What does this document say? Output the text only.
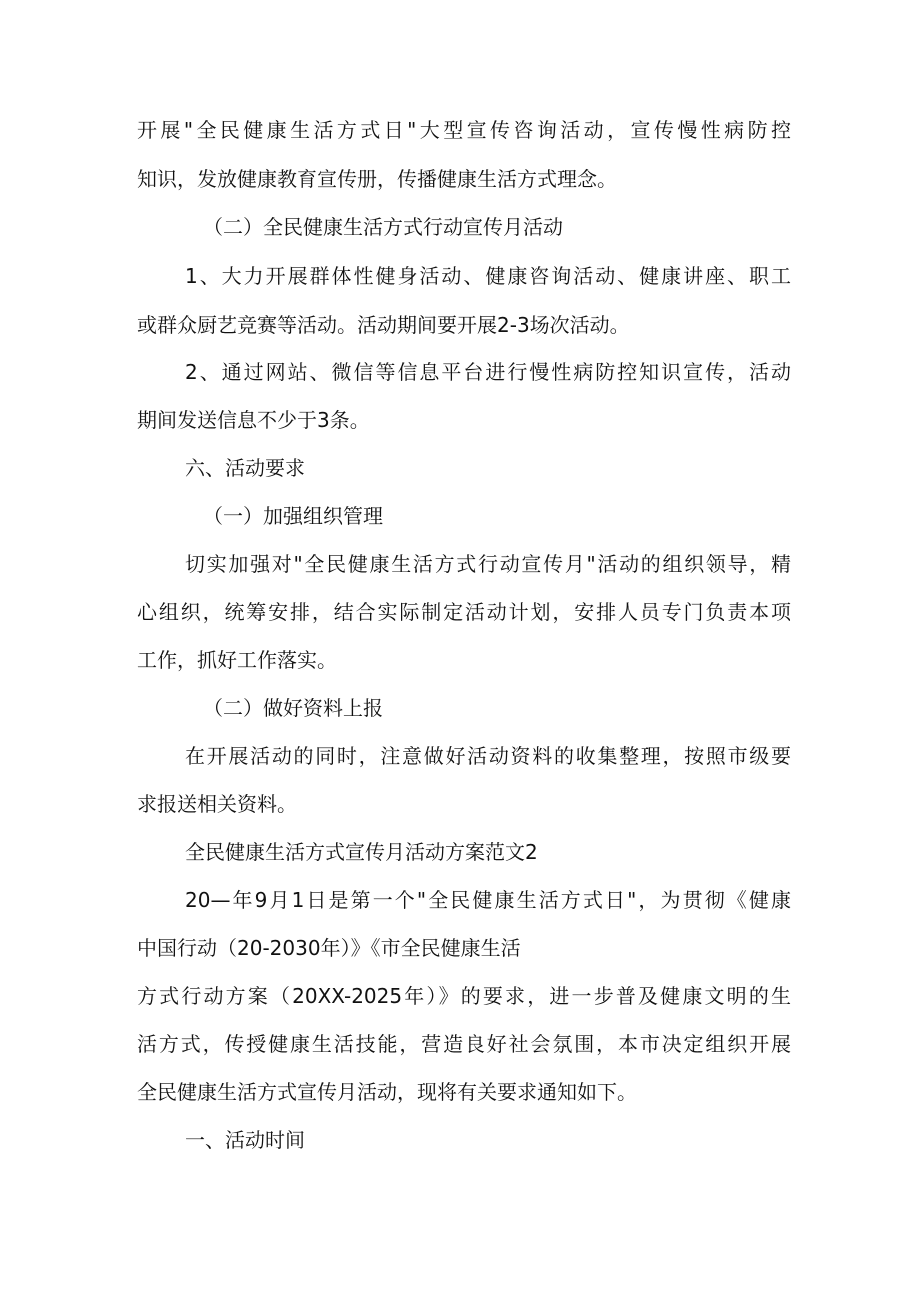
开展"全民健康生活方式日"大型宣传咨询活动，宣传慢性病防控
知识，发放健康教育宣传册，传播健康生活方式理念。
（二）全民健康生活方式行动宣传月活动
1、大力开展群体性健身活动、健康咨询活动、健康讲座、职工
或群众厨艺竞赛等活动。活动期间要开展2-3场次活动。
2、通过网站、微信等信息平台进行慢性病防控知识宣传，活动
期间发送信息不少于3条。
六、活动要求
（一）加强组织管理
切实加强对"全民健康生活方式行动宣传月"活动的组织领导，精
心组织，统筹安排，结合实际制定活动计划，安排人员专门负责本项
工作，抓好工作落实。
（二）做好资料上报
在开展活动的同时，注意做好活动资料的收集整理，按照市级要
求报送相关资料。
全民健康生活方式宣传月活动方案范文2
20—年9月1日是第一个"全民健康生活方式日"，为贯彻《健康
中国行动（20-2030年）》《市全民健康生活
方式行动方案（20XX-2025年）》的要求，进一步普及健康文明的生
活方式，传授健康生活技能，营造良好社会氛围，本市决定组织开展
全民健康生活方式宣传月活动，现将有关要求通知如下。
一、活动时间
